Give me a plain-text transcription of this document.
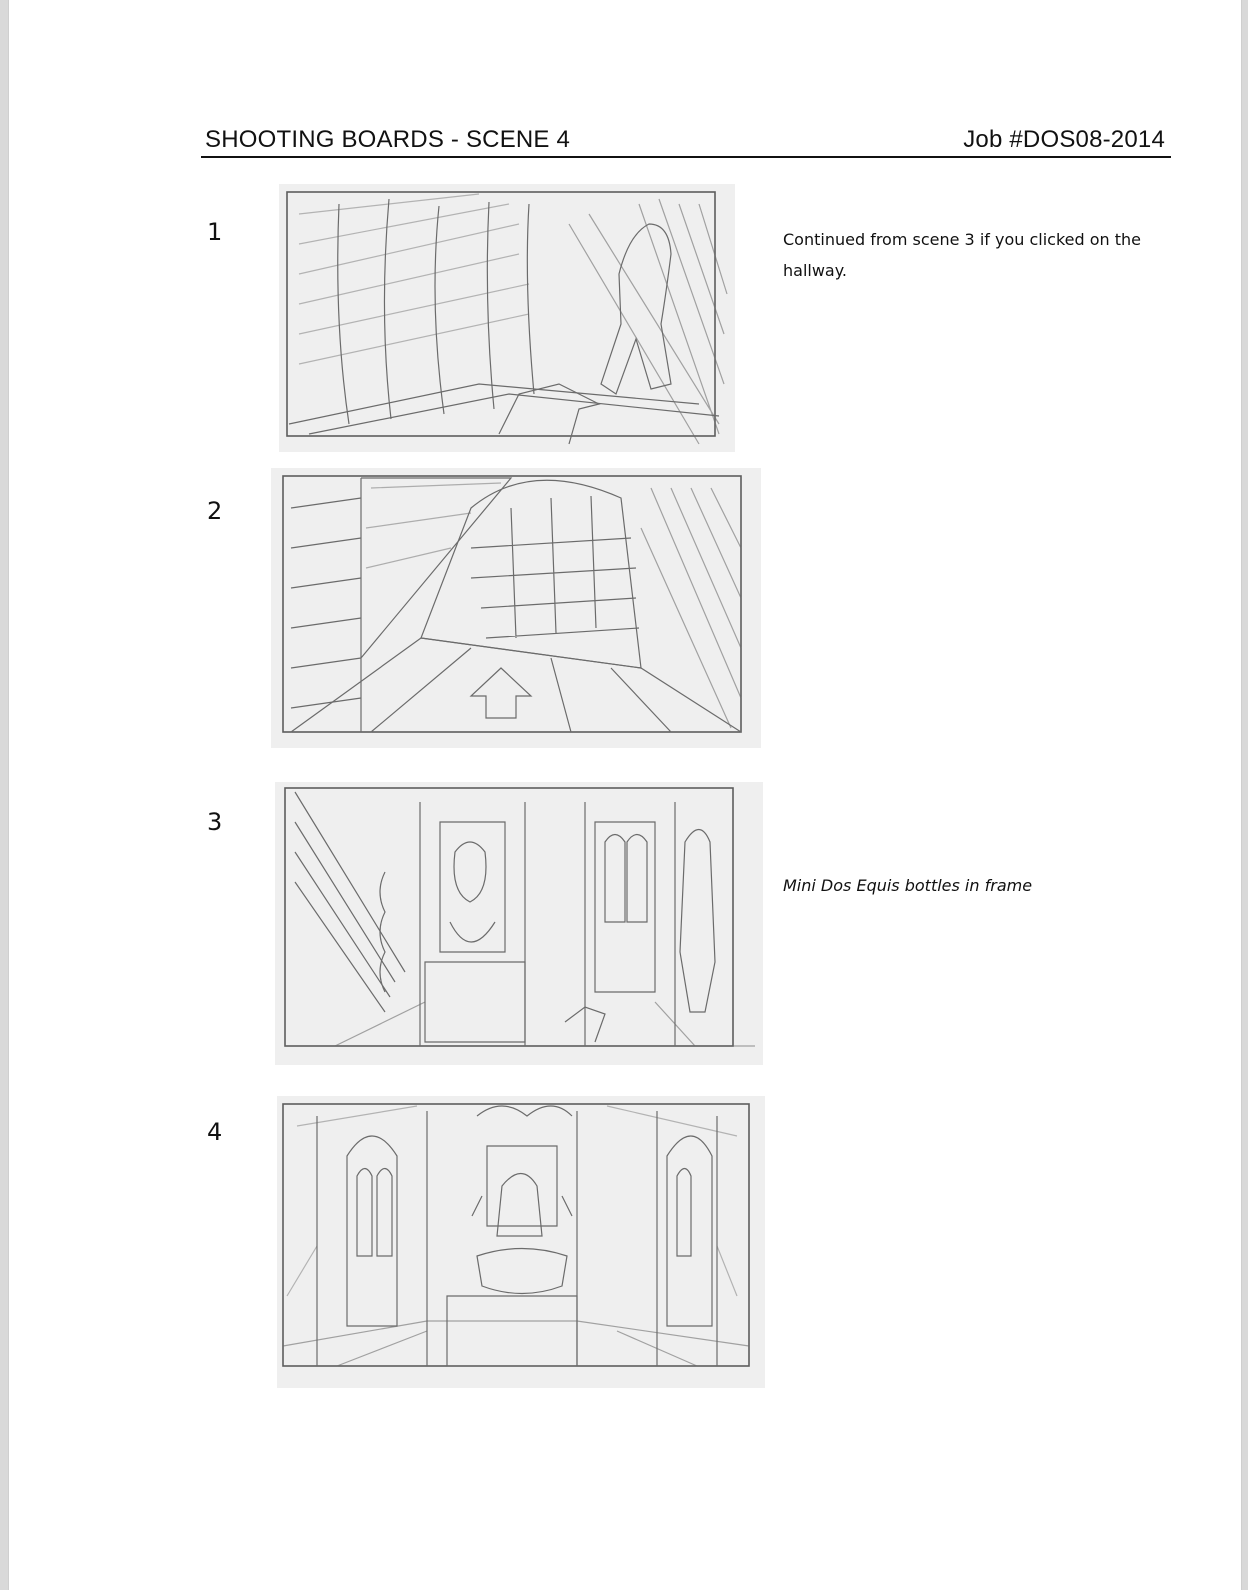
SHOOTING BOARDS - SCENE 4	Job #DOS08-2014
1	Continued from scene 3 if you clicked on the hallway.
2
3
Mini Dos Equis bottles in frame
4
